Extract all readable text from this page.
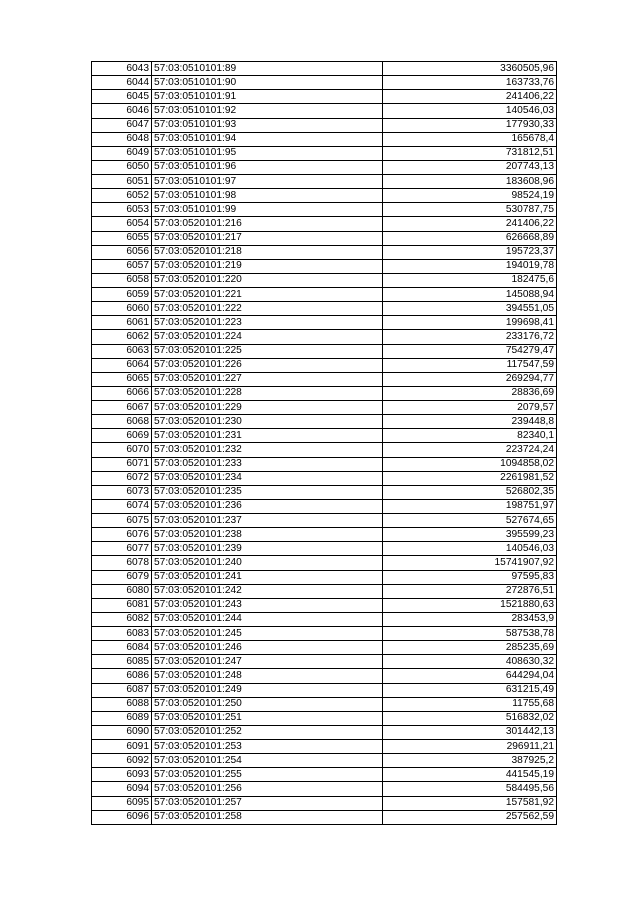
6043	57:03:0510101:89	3360505,96
6044	57:03:0510101:90	163733,76
6045	57:03:0510101:91	241406,22
6046	57:03:0510101:92	140546,03
6047	57:03:0510101:93	177930,33
6048	57:03:0510101:94	165678,4
6049	57:03:0510101:95	731812,51
6050	57:03:0510101:96	207743,13
6051	57:03:0510101:97	183608,96
6052	57:03:0510101:98	98524,19
6053	57:03:0510101:99	530787,75
6054	57:03:0520101:216	241406,22
6055	57:03:0520101:217	626668,89
6056	57:03:0520101:218	195723,37
6057	57:03:0520101:219	194019,78
6058	57:03:0520101:220	182475,6
6059	57:03:0520101:221	145088,94
6060	57:03:0520101:222	394551,05
6061	57:03:0520101:223	199698,41
6062	57:03:0520101:224	233176,72
6063	57:03:0520101:225	754279,47
6064	57:03:0520101:226	117547,59
6065	57:03:0520101:227	269294,77
6066	57:03:0520101:228	28836,69
6067	57:03:0520101:229	2079,57
6068	57:03:0520101:230	239448,8
6069	57:03:0520101:231	82340,1
6070	57:03:0520101:232	223724,24
6071	57:03:0520101:233	1094858,02
6072	57:03:0520101:234	2261981,52
6073	57:03:0520101:235	526802,35
6074	57:03:0520101:236	198751,97
6075	57:03:0520101:237	527674,65
6076	57:03:0520101:238	395599,23
6077	57:03:0520101:239	140546,03
6078	57:03:0520101:240	15741907,92
6079	57:03:0520101:241	97595,83
6080	57:03:0520101:242	272876,51
6081	57:03:0520101:243	1521880,63
6082	57:03:0520101:244	283453,9
6083	57:03:0520101:245	587538,78
6084	57:03:0520101:246	285235,69
6085	57:03:0520101:247	408630,32
6086	57:03:0520101:248	644294,04
6087	57:03:0520101:249	631215,49
6088	57:03:0520101:250	11755,68
6089	57:03:0520101:251	516832,02
6090	57:03:0520101:252	301442,13
6091	57:03:0520101:253	296911,21
6092	57:03:0520101:254	387925,2
6093	57:03:0520101:255	441545,19
6094	57:03:0520101:256	584495,56
6095	57:03:0520101:257	157581,92
6096	57:03:0520101:258	257562,59
